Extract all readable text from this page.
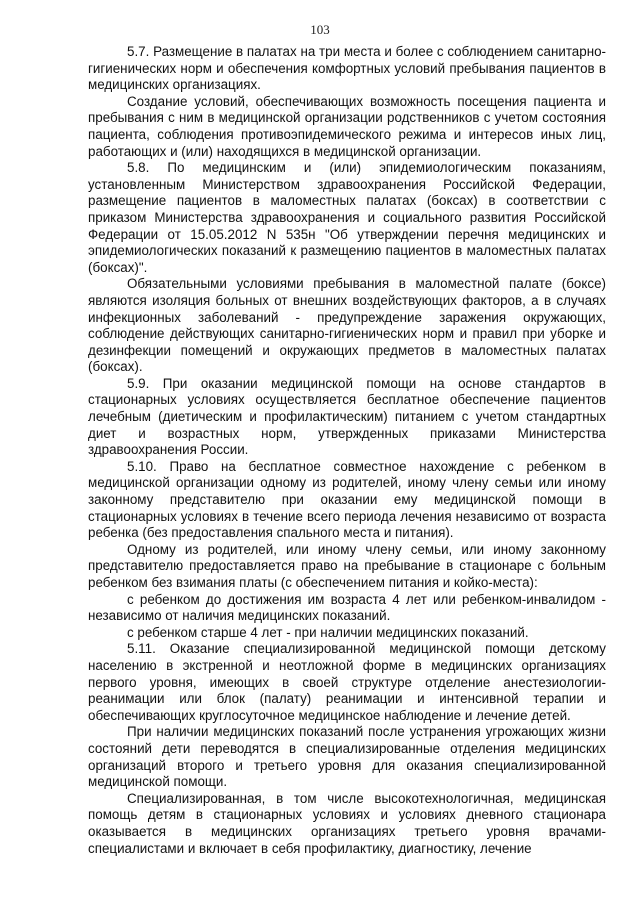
103

5.7. Размещение в палатах на три места и более с соблюдением санитарно-гигиенических норм и обеспечения комфортных условий пребывания пациентов в медицинских организациях.

Создание условий, обеспечивающих возможность посещения пациента и пребывания с ним в медицинской организации родственников с учетом состояния пациента, соблюдения противоэпидемического режима и интересов иных лиц, работающих и (или) находящихся в медицинской организации.

5.8. По медицинским и (или) эпидемиологическим показаниям, установленным Министерством здравоохранения Российской Федерации, размещение пациентов в маломестных палатах (боксах) в соответствии с приказом Министерства здравоохранения и социального развития Российской Федерации от 15.05.2012 N 535н "Об утверждении перечня медицинских и эпидемиологических показаний к размещению пациентов в маломестных палатах (боксах)".

Обязательными условиями пребывания в маломестной палате (боксе) являются изоляция больных от внешних воздействующих факторов, а в случаях инфекционных заболеваний - предупреждение заражения окружающих, соблюдение действующих санитарно-гигиенических норм и правил при уборке и дезинфекции помещений и окружающих предметов в маломестных палатах (боксах).

5.9. При оказании медицинской помощи на основе стандартов в стационарных условиях осуществляется бесплатное обеспечение пациентов лечебным (диетическим и профилактическим) питанием с учетом стандартных диет и возрастных норм, утвержденных приказами Министерства здравоохранения России.

5.10. Право на бесплатное совместное нахождение с ребенком в медицинской организации одному из родителей, иному члену семьи или иному законному представителю при оказании ему медицинской помощи в стационарных условиях в течение всего периода лечения независимо от возраста ребенка (без предоставления спального места и питания).

Одному из родителей, или иному члену семьи, или иному законному представителю предоставляется право на пребывание в стационаре с больным ребенком без взимания платы (с обеспечением питания и койко-места):

с ребенком до достижения им возраста 4 лет или ребенком-инвалидом - независимо от наличия медицинских показаний.

с ребенком старше 4 лет - при наличии медицинских показаний.

5.11. Оказание специализированной медицинской помощи детскому населению в экстренной и неотложной форме в медицинских организациях первого уровня, имеющих в своей структуре отделение анестезиологии-реанимации или блок (палату) реанимации и интенсивной терапии и обеспечивающих круглосуточное медицинское наблюдение и лечение детей.

При наличии медицинских показаний после устранения угрожающих жизни состояний дети переводятся в специализированные отделения медицинских организаций второго и третьего уровня для оказания специализированной медицинской помощи.

Специализированная, в том числе высокотехнологичная, медицинская помощь детям в стационарных условиях и условиях дневного стационара оказывается в медицинских организациях третьего уровня врачами-специалистами и включает в себя профилактику, диагностику, лечение
